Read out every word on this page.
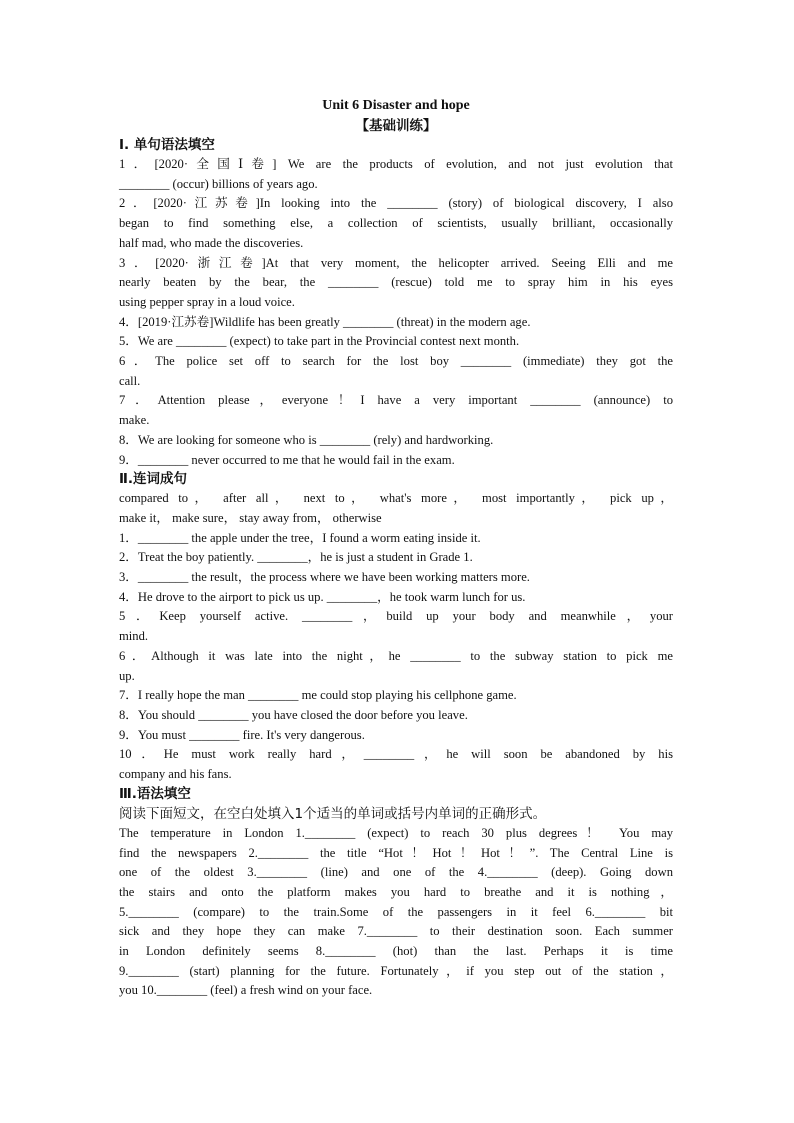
Unit 6 Disaster and hope

【基础训练】

Ⅰ. 单句语法填空

1．[2020·全国Ⅰ卷] We are the products of evolution, and not just evolution that

________ (occur) billions of years ago.

2．[2020·江苏卷]In looking into the ________ (story) of biological discovery, I also

began to find something else, a collection of scientists, usually brilliant, occasionally

half mad, who made the discoveries.

3．[2020·浙江卷]At that very moment, the helicopter arrived. Seeing Elli and me

nearly beaten by the bear, the ________ (rescue) told me to spray him in his eyes

using pepper spray in a loud voice.

4．[2019·江苏卷]Wildlife has been greatly ________ (threat) in the modern age.

5．We are ________ (expect) to take part in the Provincial contest next month.

6．The police set off to search for the lost boy ________ (immediate) they got the

call.

7．Attention please，everyone！I have a very important ________ (announce) to

make.

8．We are looking for someone who is ________ (rely) and hardworking.

9．________ never occurred to me that he would fail in the exam.

Ⅱ.连词成句

compared to， after all， next to， what's more， most importantly， pick up，

make it， make sure， stay away from， otherwise

1．________ the apple under the tree，I found a worm eating inside it.

2．Treat the boy patiently. ________，he is just a student in Grade 1.

3．________ the result，the process where we have been working matters more.

4．He drove to the airport to pick us up. ________，he took warm lunch for us.

5．Keep yourself active. ________，build up your body and meanwhile，your

mind.

6．Although it was late into the night，he ________ to the subway station to pick me

up.

7．I really hope the man ________ me could stop playing his cellphone game.

8．You should ________ you have closed the door before you leave.

9．You must ________ fire. It's very dangerous.

10．He must work really hard，________，he will soon be abandoned by his

company and his fans.

Ⅲ.语法填空

阅读下面短文，在空白处填入1个适当的单词或括号内单词的正确形式。

The temperature in London 1.________ (expect) to reach 30 plus degrees！ You may

find the newspapers 2.________ the title “Hot！Hot！Hot！”. The Central Line is

one of the oldest 3.________ (line) and one of the 4.________ (deep). Going down

the stairs and onto the platform makes you hard to breathe and it is nothing，

5.________ (compare) to the train.Some of the passengers in it feel 6.________ bit

sick and they hope they can make 7.________ to their destination soon. Each summer

in London definitely seems 8.________ (hot) than the last. Perhaps it is time

9.________ (start) planning for the future. Fortunately，if you step out of the station，

you 10.________ (feel) a fresh wind on your face.
